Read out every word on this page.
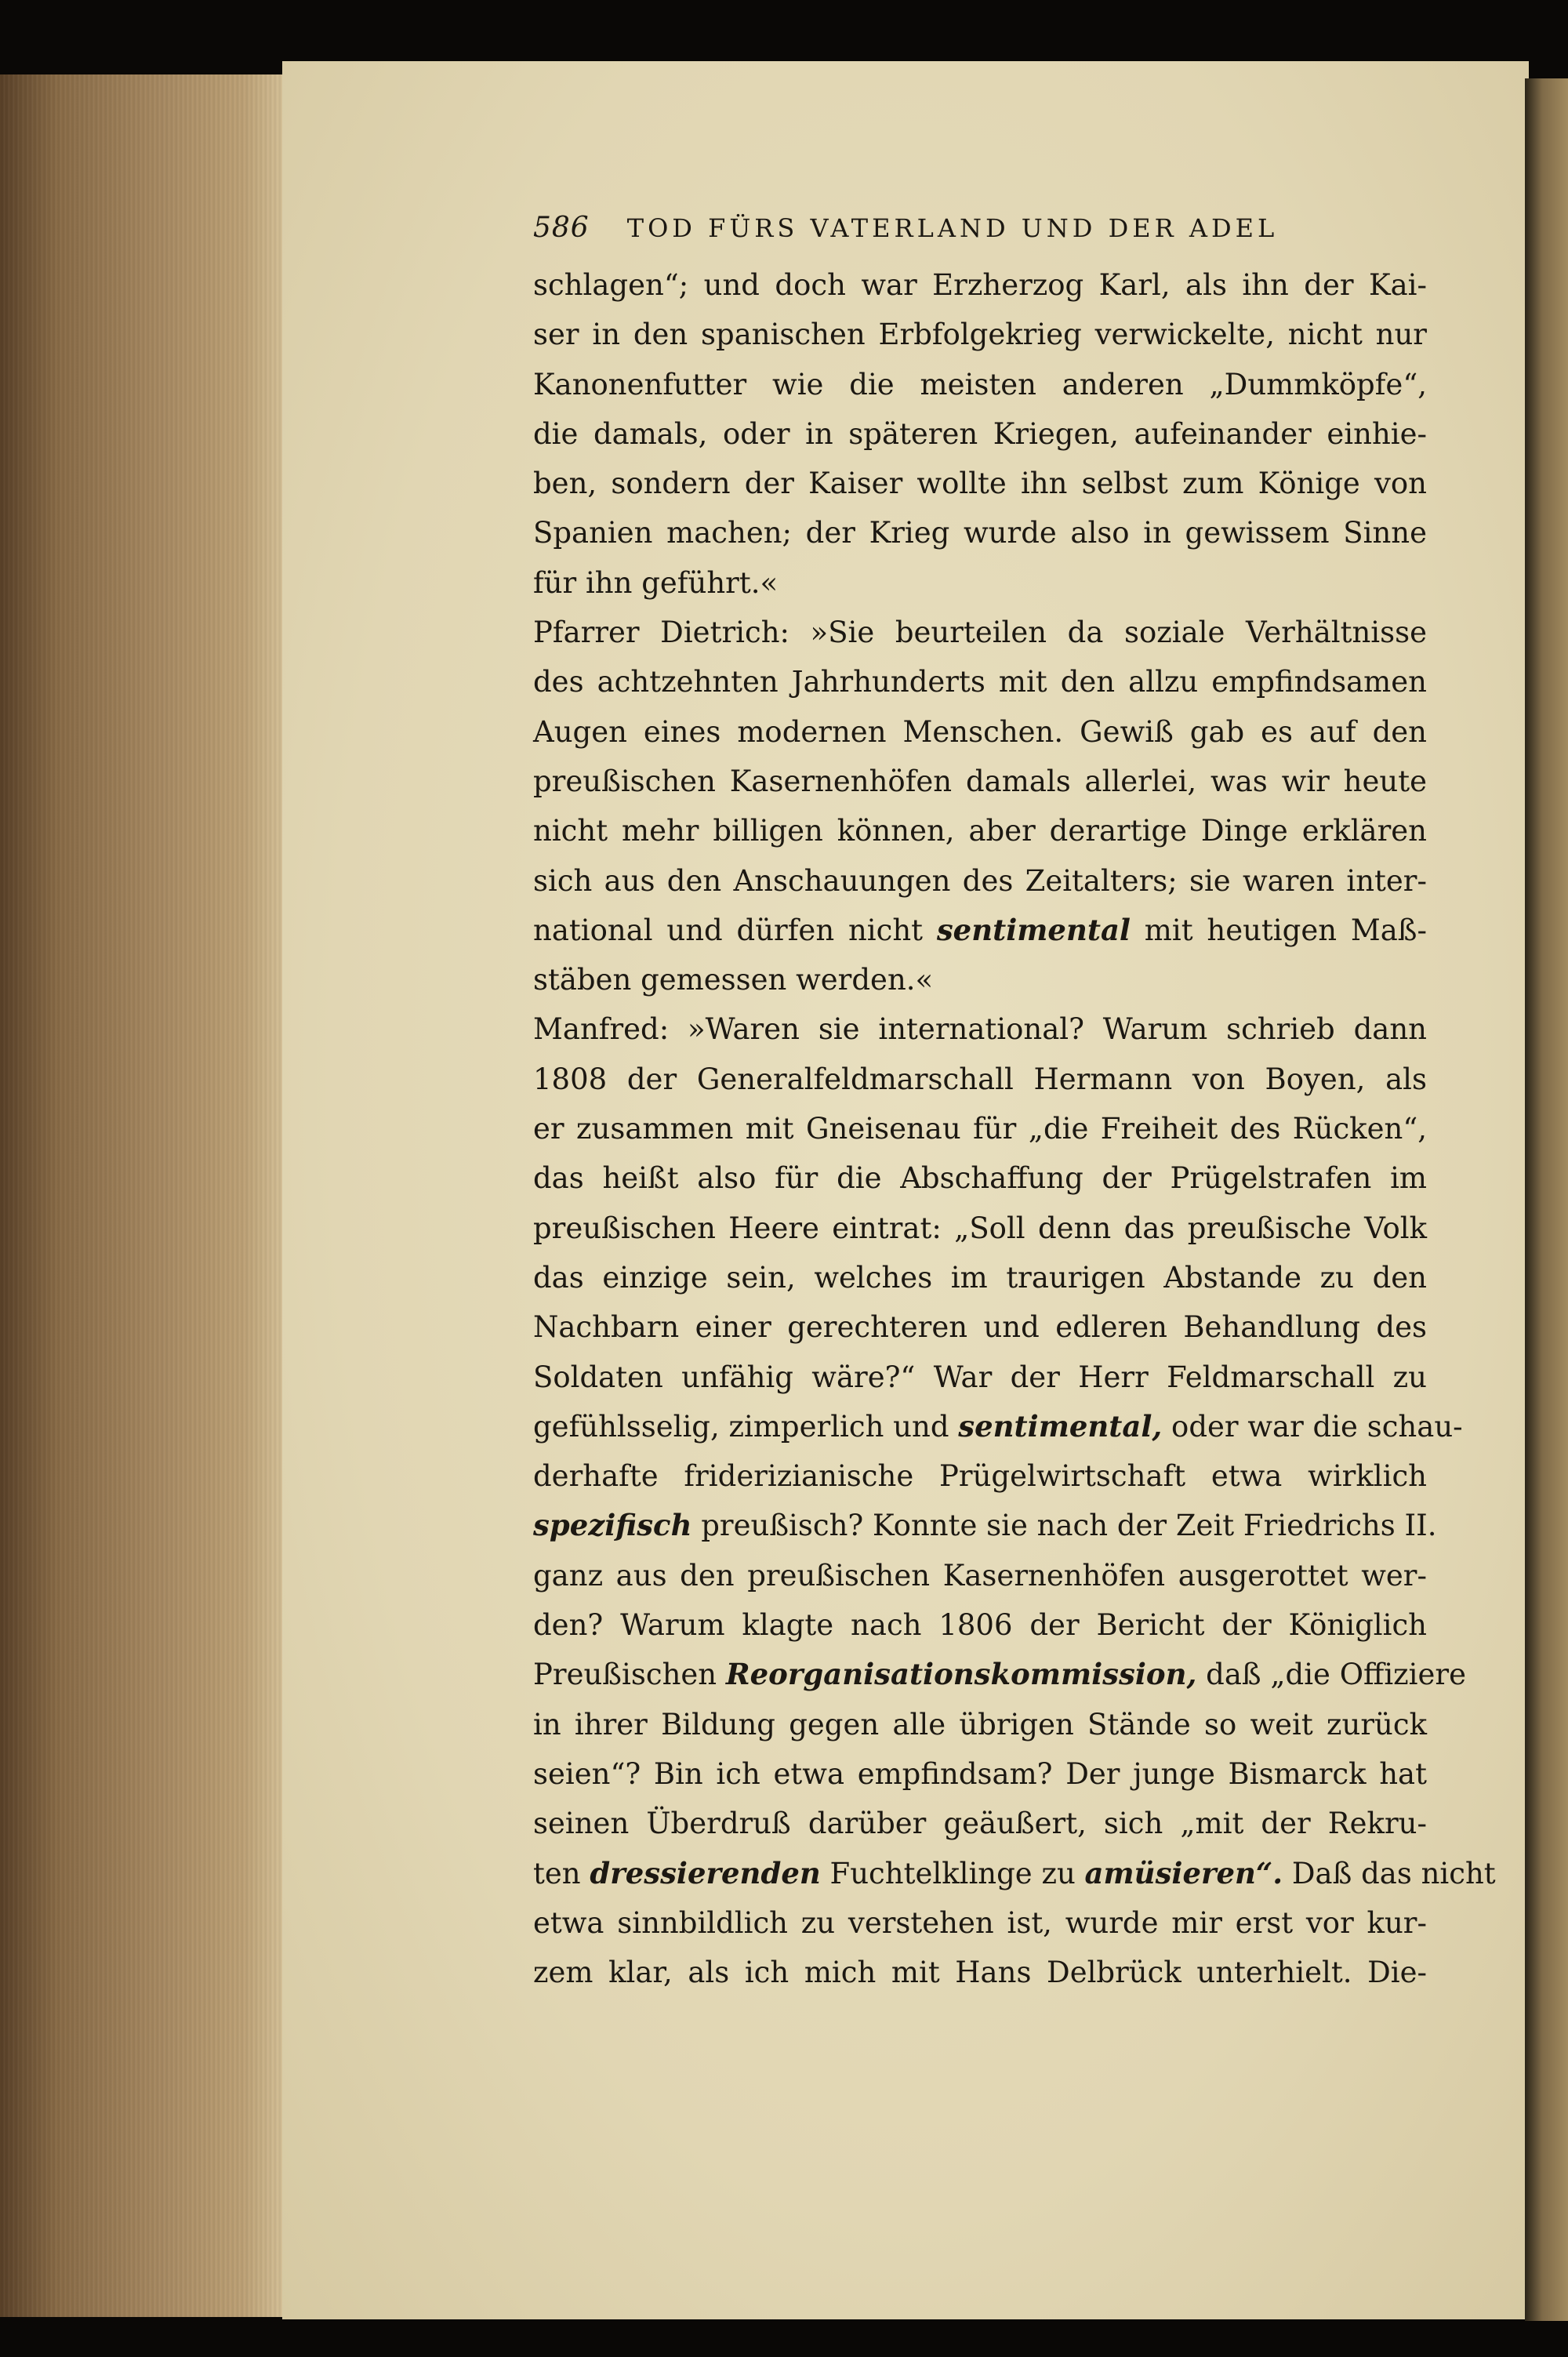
586 TOD FÜRS VATERLAND UND DER ADEL
schlagen“; und doch war Erzherzog Karl, als ihn der Kai-
ser in den spanischen Erbfolgekrieg verwickelte, nicht nur
Kanonenfutter wie die meisten anderen „Dummköpfe“,
die damals, oder in späteren Kriegen, aufeinander einhie-
ben, sondern der Kaiser wollte ihn selbst zum Könige von
Spanien machen; der Krieg wurde also in gewissem Sinne
für ihn geführt.«
Pfarrer Dietrich: »Sie beurteilen da soziale Verhältnisse
des achtzehnten Jahrhunderts mit den allzu empfindsamen
Augen eines modernen Menschen. Gewiß gab es auf den
preußischen Kasernenhöfen damals allerlei, was wir heute
nicht mehr billigen können, aber derartige Dinge erklären
sich aus den Anschauungen des Zeitalters; sie waren inter-
national und dürfen nicht sentimental mit heutigen Maß-
stäben gemessen werden.«
Manfred: »Waren sie international? Warum schrieb dann
1808 der Generalfeldmarschall Hermann von Boyen, als
er zusammen mit Gneisenau für „die Freiheit des Rücken“,
das heißt also für die Abschaffung der Prügelstrafen im
preußischen Heere eintrat: „Soll denn das preußische Volk
das einzige sein, welches im traurigen Abstande zu den
Nachbarn einer gerechteren und edleren Behandlung des
Soldaten unfähig wäre?“ War der Herr Feldmarschall zu
gefühlsselig, zimperlich und sentimental, oder war die schau-
derhafte friderizianische Prügelwirtschaft etwa wirklich
spezifisch preußisch? Konnte sie nach der Zeit Friedrichs II.
ganz aus den preußischen Kasernenhöfen ausgerottet wer-
den? Warum klagte nach 1806 der Bericht der Königlich
Preußischen Reorganisationskommission, daß „die Offiziere
in ihrer Bildung gegen alle übrigen Stände so weit zurück
seien“? Bin ich etwa empfindsam? Der junge Bismarck hat
seinen Überdruß darüber geäußert, sich „mit der Rekru-
ten dressierenden Fuchtelklinge zu amüsieren“. Daß das nicht
etwa sinnbildlich zu verstehen ist, wurde mir erst vor kur-
zem klar, als ich mich mit Hans Delbrück unterhielt. Die-
